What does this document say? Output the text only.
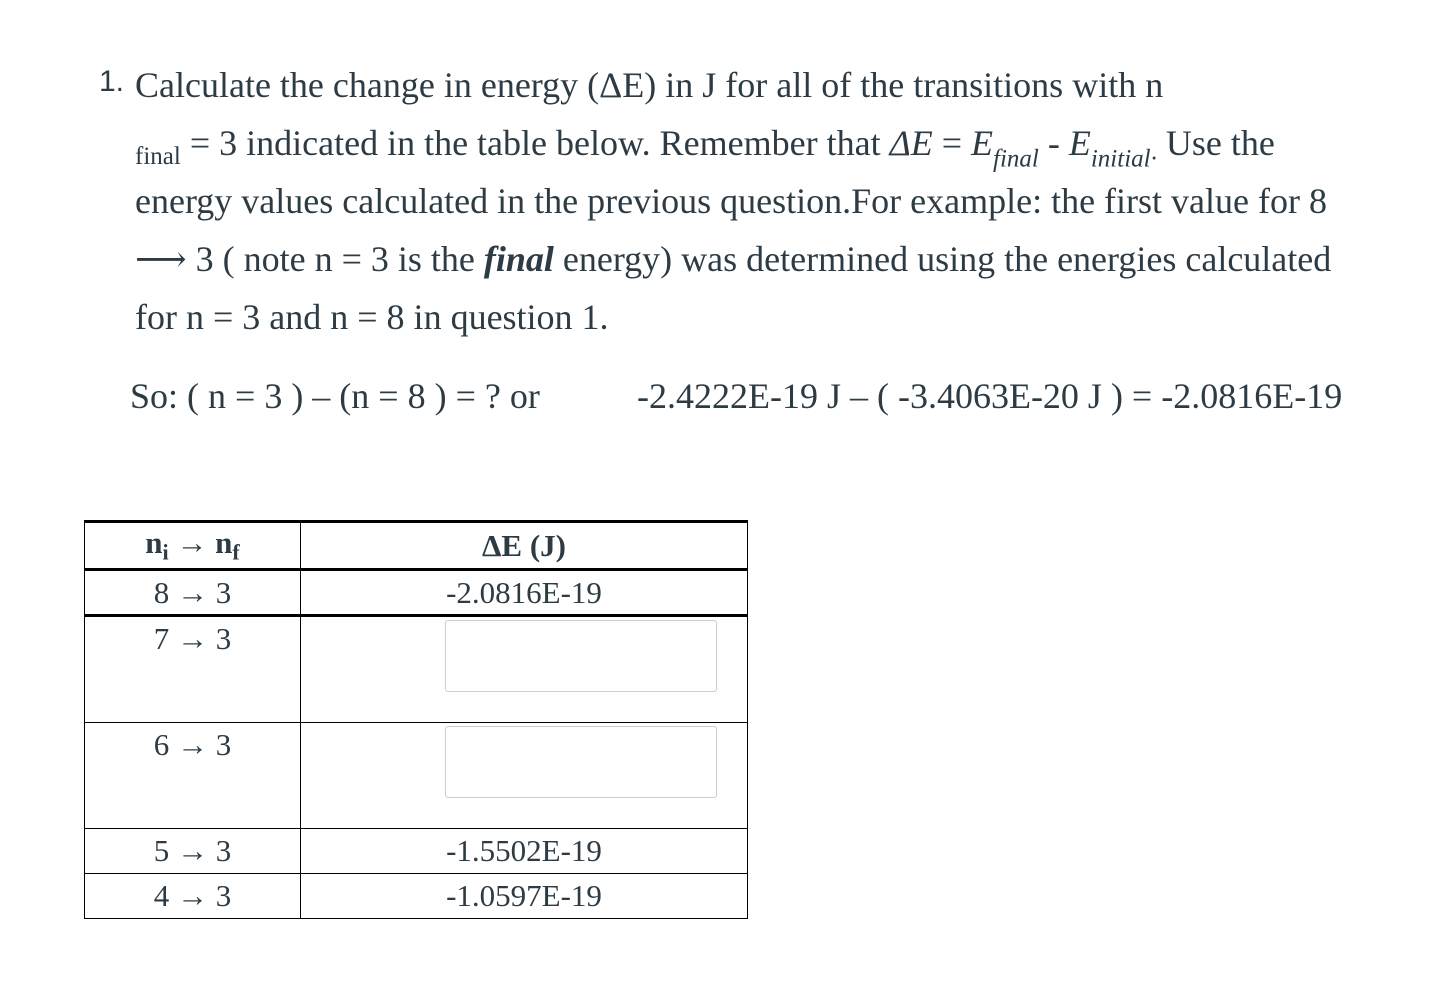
1. Calculate the change in energy (ΔE) in J for all of the transitions with n
$_{final}$ = 3 indicated in the table below. Remember that $\Delta E = E_{final} - E_{initial\cdot}$ Use the
energy values calculated in the previous question.For example: the first value for 8
⟶ 3 ( note n = 3 is the final energy) was determined using the energies calculated
for n = 3 and n = 8 in question 1.
So: ( n = 3 ) – (n = 8 ) = ? or	-2.4222E-19 J – ( -3.4063E-20 J ) = -2.0816E-19
$n_i \to n_f$	ΔE (J)
8 → 3	-2.0816E-19

7 → 3

6 → 3

5 → 3	-1.5502E-19
4 → 3	-1.0597E-19
